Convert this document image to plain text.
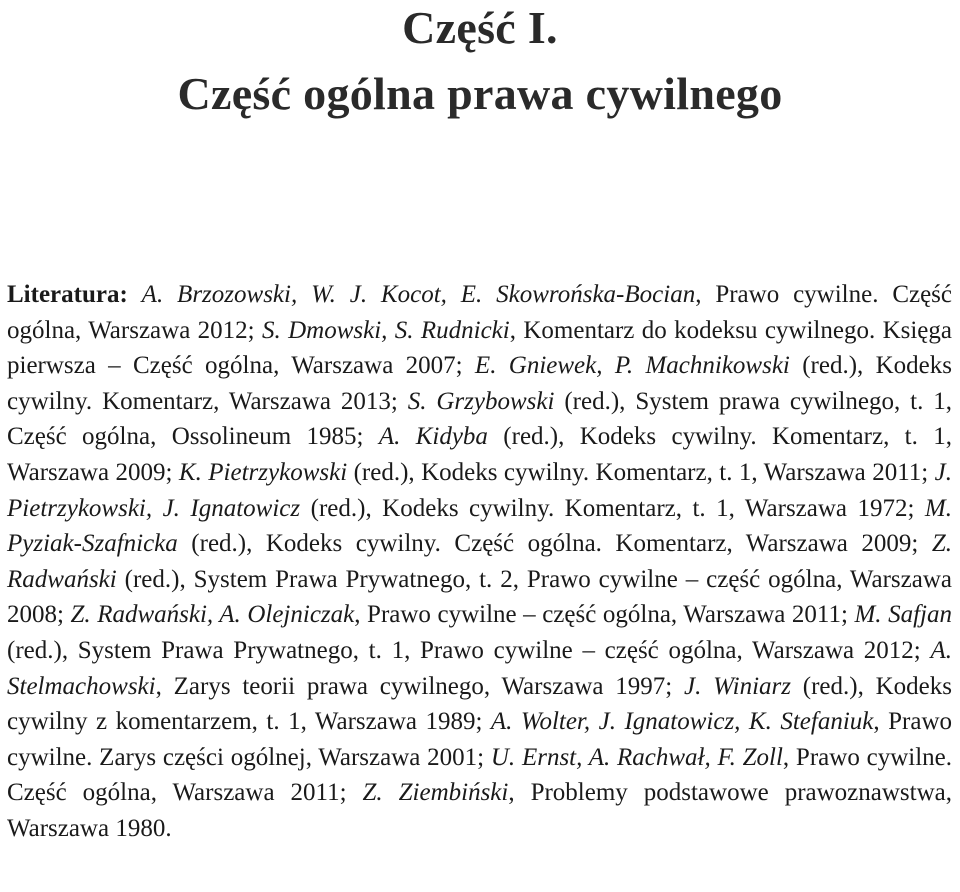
Część I.
Część ogólna prawa cywilnego

Literatura: A. Brzozowski, W. J. Kocot, E. Skowrońska-Bocian, Prawo cywilne. Część ogólna, Warszawa 2012; S. Dmowski, S. Rudnicki, Komentarz do kodeksu cywilnego. Księga pierwsza – Część ogólna, Warszawa 2007; E. Gniewek, P. Machnikowski (red.), Kodeks cywilny. Komentarz, Warszawa 2013; S. Grzybowski (red.), System prawa cywilnego, t. 1, Część ogólna, Ossolineum 1985; A. Kidyba (red.), Kodeks cywilny. Komentarz, t. 1, Warszawa 2009; K. Pietrzykowski (red.), Kodeks cywilny. Komentarz, t. 1, Warszawa 2011; J. Pietrzykowski, J. Ignatowicz (red.), Kodeks cywilny. Komentarz, t. 1, Warszawa 1972; M. Pyziak-Szafnicka (red.), Kodeks cywilny. Część ogólna. Komentarz, Warszawa 2009; Z. Radwański (red.), System Prawa Prywatnego, t. 2, Prawo cywilne – część ogólna, Warszawa 2008; Z. Radwański, A. Olejniczak, Prawo cywilne – część ogólna, Warszawa 2011; M. Safjan (red.), System Prawa Prywatnego, t. 1, Prawo cywilne – część ogólna, Warszawa 2012; A. Stelmachowski, Zarys teorii prawa cywilnego, Warszawa 1997; J. Winiarz (red.), Kodeks cywilny z komentarzem, t. 1, Warszawa 1989; A. Wolter, J. Ignatowicz, K. Stefaniuk, Prawo cywilne. Zarys części ogólnej, Warszawa 2001; U. Ernst, A. Rachwał, F. Zoll, Prawo cywilne. Część ogólna, Warszawa 2011; Z. Ziembiński, Problemy podstawowe prawoznawstwa, Warszawa 1980.
